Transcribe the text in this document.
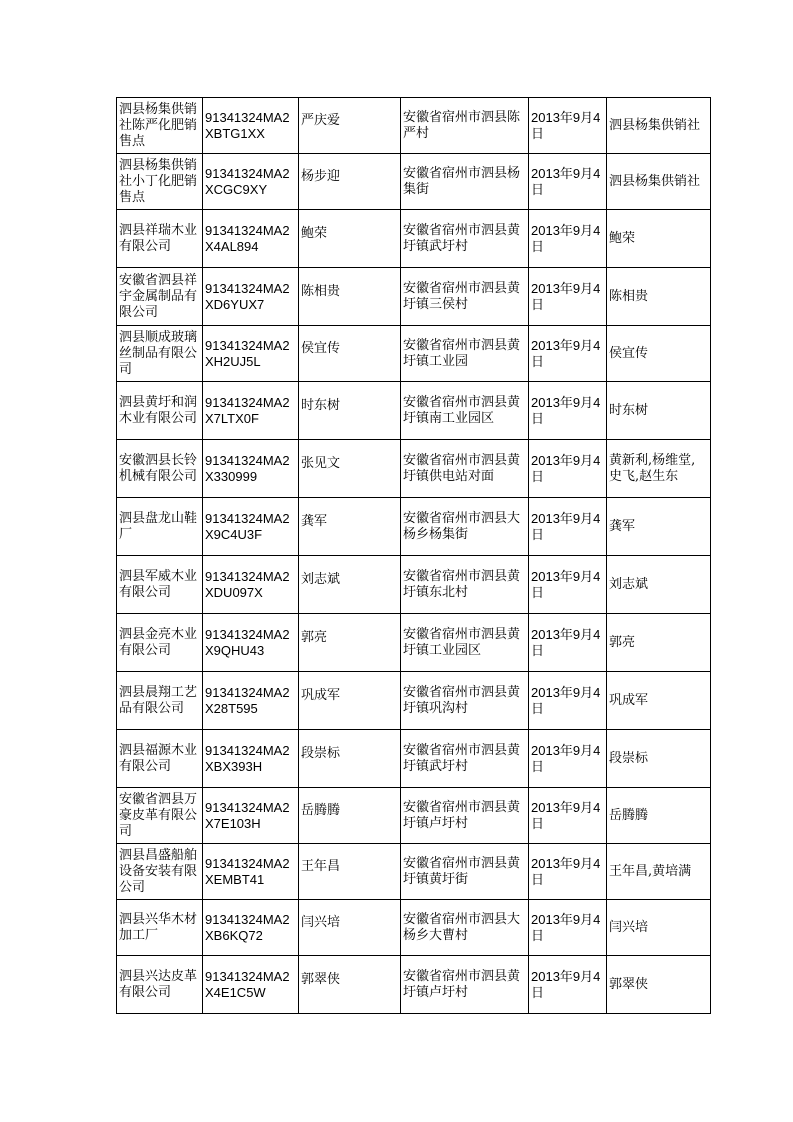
泗县杨集供销社陈严化肥销售点	91341324MA2XBTG1XX	严庆爱	安徽省宿州市泗县陈严村	2013年9月4日	泗县杨集供销社
泗县杨集供销社小丁化肥销售点	91341324MA2XCGC9XY	杨步迎	安徽省宿州市泗县杨集街	2013年9月4日	泗县杨集供销社
泗县祥瑞木业有限公司	91341324MA2X4AL894	鲍荣	安徽省宿州市泗县黄圩镇武圩村	2013年9月4日	鲍荣
安徽省泗县祥宇金属制品有限公司	91341324MA2XD6YUX7	陈相贵	安徽省宿州市泗县黄圩镇三侯村	2013年9月4日	陈相贵
泗县顺成玻璃丝制品有限公司	91341324MA2XH2UJ5L	侯宜传	安徽省宿州市泗县黄圩镇工业园	2013年9月4日	侯宜传
泗县黄圩和润木业有限公司	91341324MA2X7LTX0F	时东树	安徽省宿州市泗县黄圩镇南工业园区	2013年9月4日	时东树
安徽泗县长铃机械有限公司	91341324MA2X330999	张见文	安徽省宿州市泗县黄圩镇供电站对面	2013年9月4日	黄新利,杨维堂,史飞,赵生东
泗县盘龙山鞋厂	91341324MA2X9C4U3F	龚军	安徽省宿州市泗县大杨乡杨集街	2013年9月4日	龚军
泗县军威木业有限公司	91341324MA2XDU097X	刘志斌	安徽省宿州市泗县黄圩镇东北村	2013年9月4日	刘志斌
泗县金亮木业有限公司	91341324MA2X9QHU43	郭亮	安徽省宿州市泗县黄圩镇工业园区	2013年9月4日	郭亮
泗县晨翔工艺品有限公司	91341324MA2X28T595	巩成军	安徽省宿州市泗县黄圩镇巩沟村	2013年9月4日	巩成军
泗县福源木业有限公司	91341324MA2XBX393H	段崇标	安徽省宿州市泗县黄圩镇武圩村	2013年9月4日	段崇标
安徽省泗县万豪皮革有限公司	91341324MA2X7E103H	岳腾腾	安徽省宿州市泗县黄圩镇卢圩村	2013年9月4日	岳腾腾
泗县昌盛船舶设备安装有限公司	91341324MA2XEMBT41	王年昌	安徽省宿州市泗县黄圩镇黄圩街	2013年9月4日	王年昌,黄培满
泗县兴华木材加工厂	91341324MA2XB6KQ72	闫兴培	安徽省宿州市泗县大杨乡大曹村	2013年9月4日	闫兴培
泗县兴达皮革有限公司	91341324MA2X4E1C5W	郭翠侠	安徽省宿州市泗县黄圩镇卢圩村	2013年9月4日	郭翠侠
